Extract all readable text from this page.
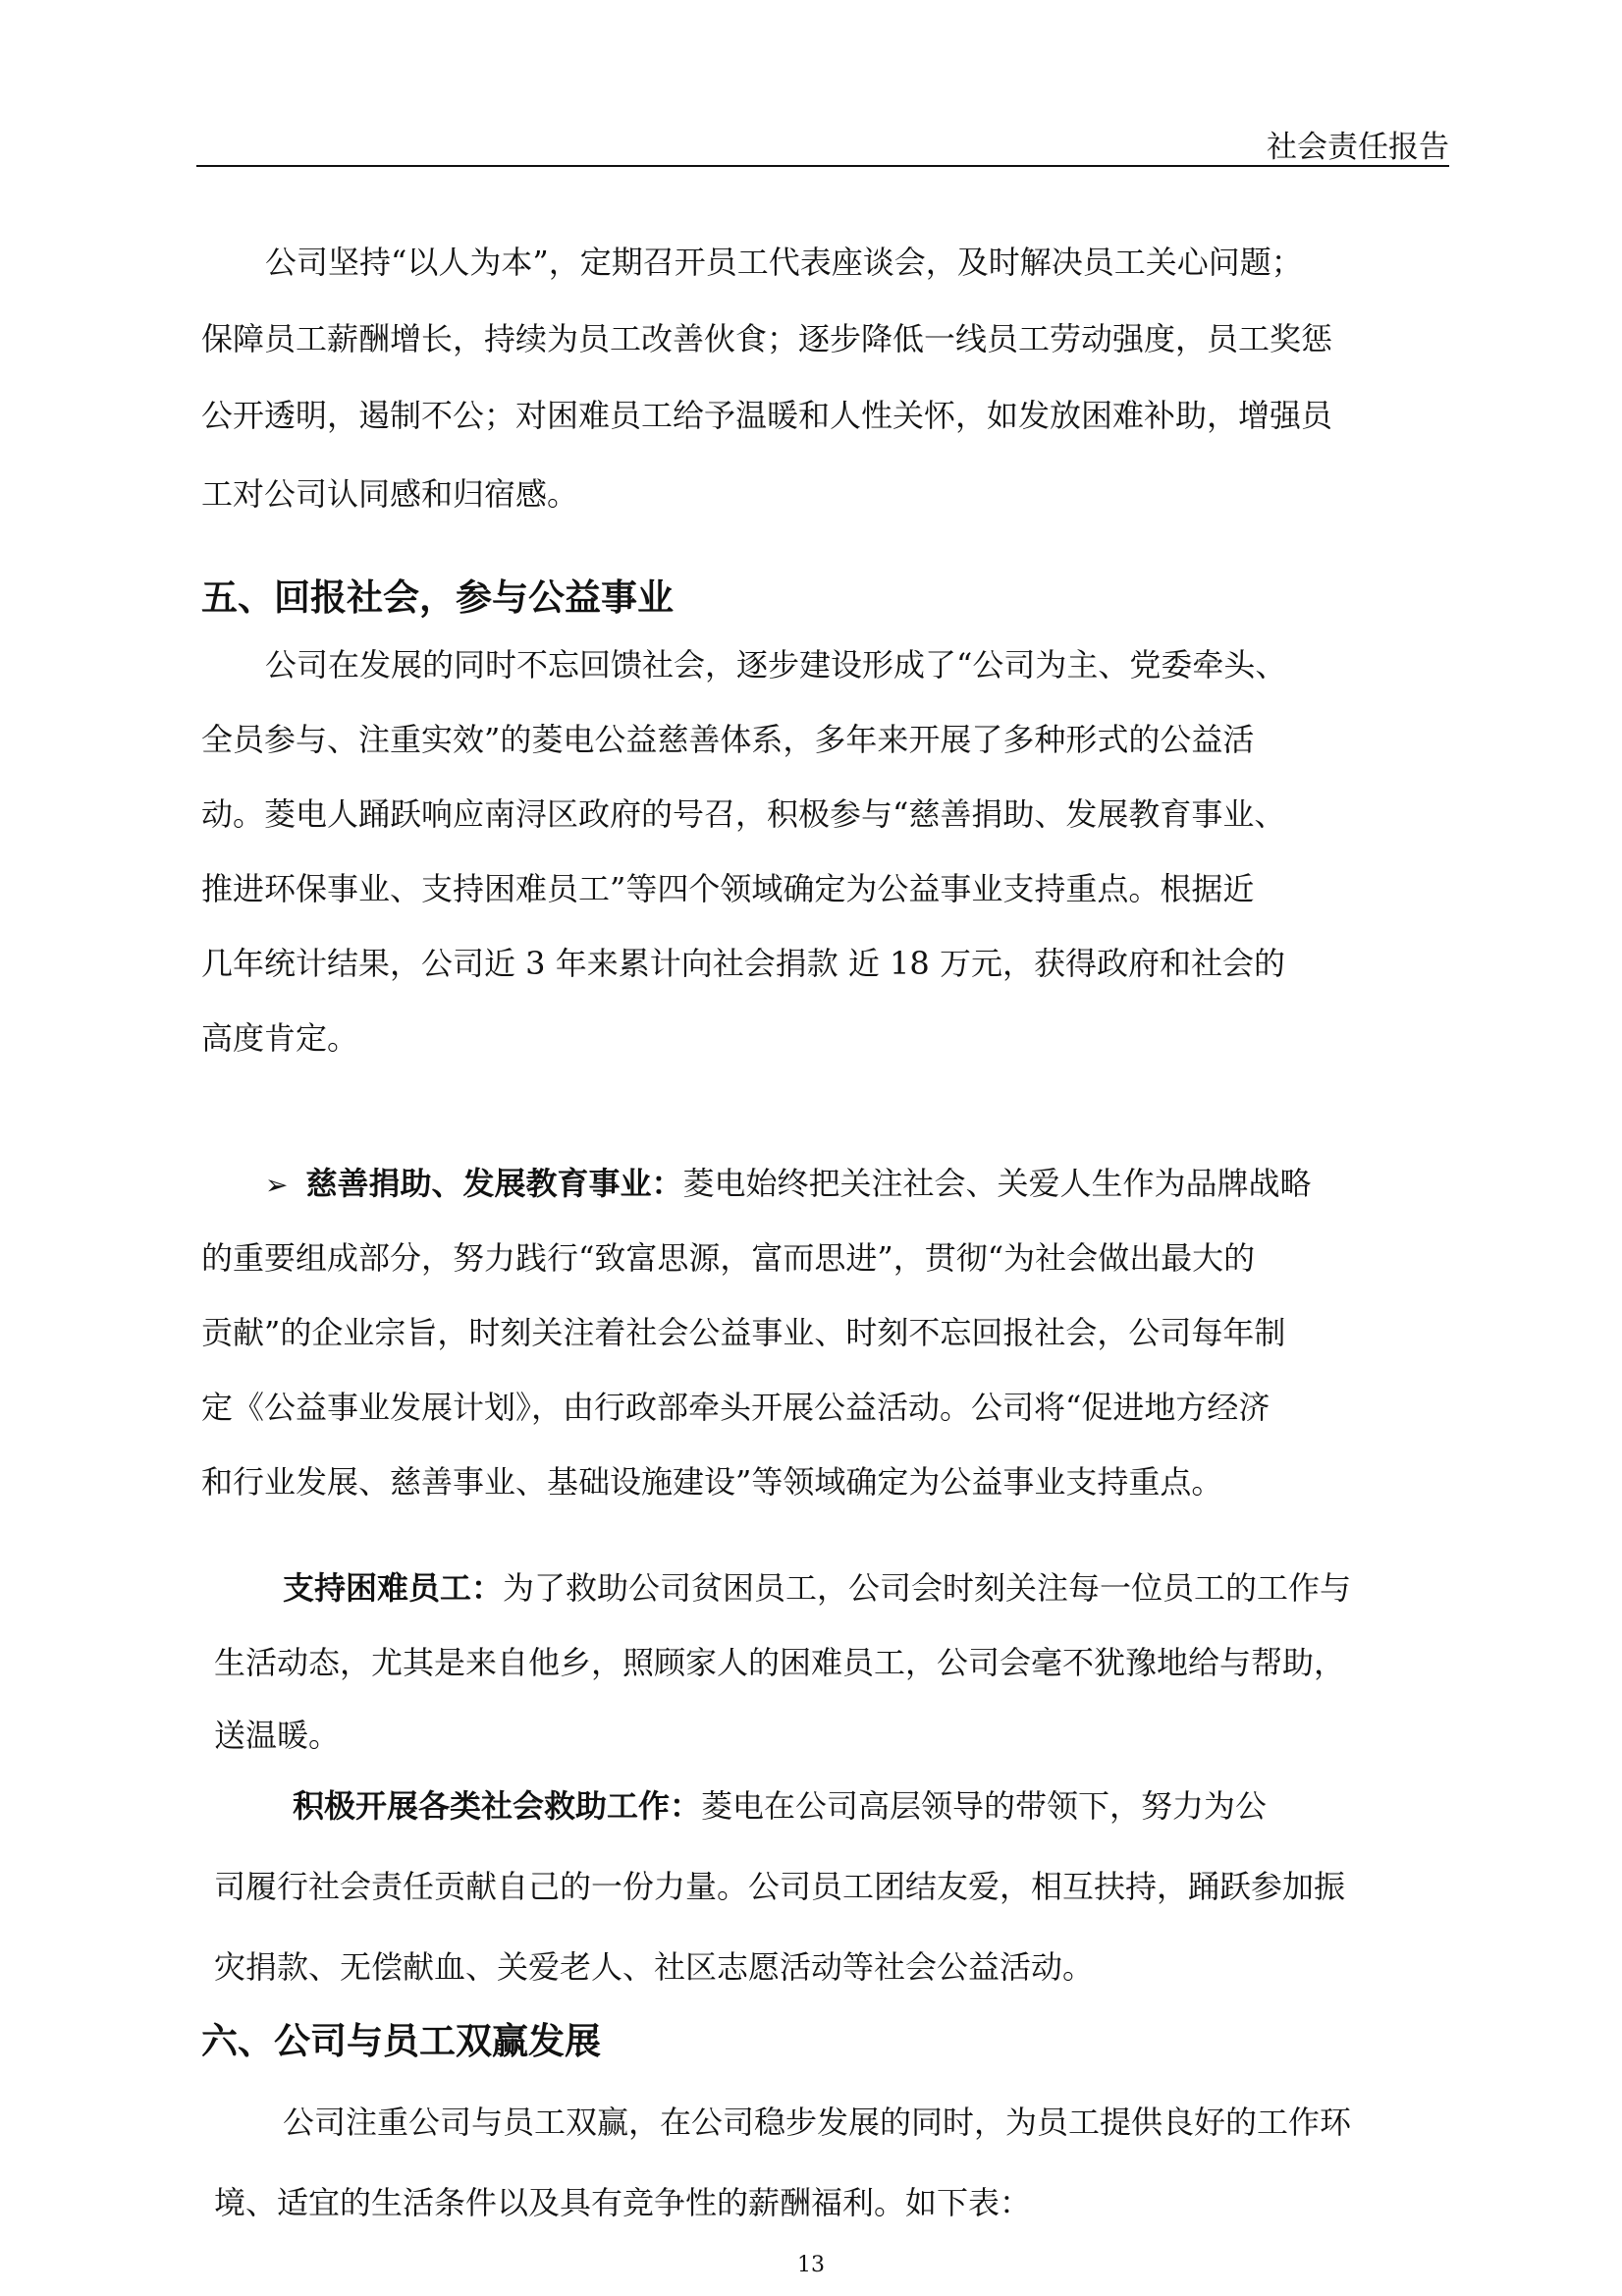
社会责任报告
公司坚持“以人为本”，定期召开员工代表座谈会，及时解决员工关心问题；
保障员工薪酬增长，持续为员工改善伙食；逐步降低一线员工劳动强度，员工奖惩
公开透明，遏制不公；对困难员工给予温暖和人性关怀，如发放困难补助，增强员
工对公司认同感和归宿感。
五、回报社会，参与公益事业
公司在发展的同时不忘回馈社会，逐步建设形成了“公司为主、党委牵头、
全员参与、注重实效”的菱电公益慈善体系，多年来开展了多种形式的公益活
动。菱电人踊跃响应南浔区政府的号召，积极参与“慈善捐助、发展教育事业、
推进环保事业、支持困难员工”等四个领域确定为公益事业支持重点。根据近
几年统计结果，公司近 3 年来累计向社会捐款 近 18 万元，获得政府和社会的
高度肯定。
➢ 慈善捐助、发展教育事业：菱电始终把关注社会、关爱人生作为品牌战略
的重要组成部分，努力践行“致富思源，富而思进”，贯彻“为社会做出最大的
贡献”的企业宗旨，时刻关注着社会公益事业、时刻不忘回报社会，公司每年制
定《公益事业发展计划》，由行政部牵头开展公益活动。公司将“促进地方经济
和行业发展、慈善事业、基础设施建设”等领域确定为公益事业支持重点。
支持困难员工：为了救助公司贫困员工，公司会时刻关注每一位员工的工作与
生活动态，尤其是来自他乡，照顾家人的困难员工，公司会毫不犹豫地给与帮助，
送温暖。
积极开展各类社会救助工作：菱电在公司高层领导的带领下，努力为公
司履行社会责任贡献自己的一份力量。公司员工团结友爱，相互扶持，踊跃参加振
灾捐款、无偿献血、关爱老人、社区志愿活动等社会公益活动。
六、公司与员工双赢发展
公司注重公司与员工双赢，在公司稳步发展的同时，为员工提供良好的工作环
境、适宜的生活条件以及具有竞争性的薪酬福利。如下表：
13
